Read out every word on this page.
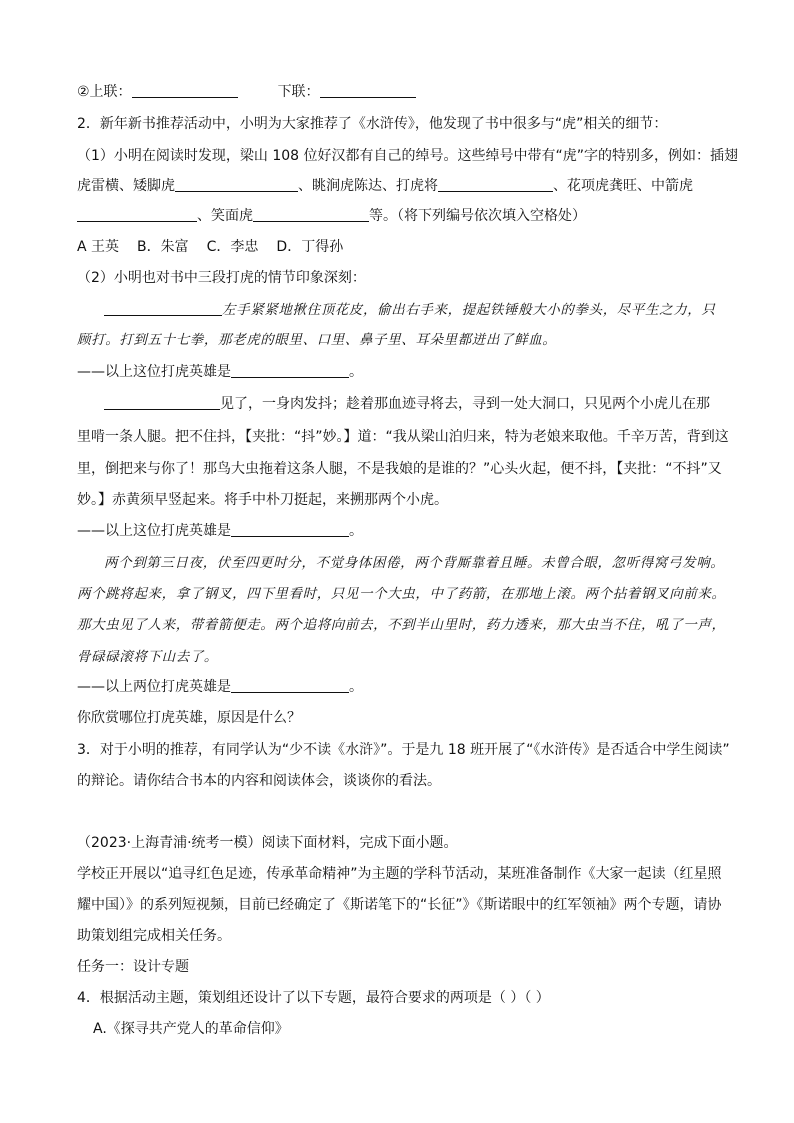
②上联：	下联：
2．新年新书推荐活动中，小明为大家推荐了《水浒传》，他发现了书中很多与“虎”相关的细节：
（1）小明在阅读时发现，梁山 108 位好汉都有自己的绰号。这些绰号中带有“虎”字的特别多，例如：插翅
虎雷横、矮脚虎	、眺涧虎陈达、打虎将	、花项虎龚旺、中箭虎
、笑面虎	等。（将下列编号依次填入空格处）
A 王英 B．朱富 C．李忠 D．丁得孙
（2）小明也对书中三段打虎的情节印象深刻：
左手紧紧地揪住顶花皮，偷出右手来，提起铁锤般大小的拳头，尽平生之力，只
顾打。打到五十七拳，那老虎的眼里、口里、鼻子里、耳朵里都迸出了鲜血。
——以上这位打虎英雄是	。
见了，一身肉发抖；趁着那血迹寻将去，寻到一处大洞口，只见两个小虎儿在那
里啃一条人腿。把不住抖，【夹批：“抖”妙。】道：“我从梁山泊归来，特为老娘来取他。千辛万苦，背到这
里，倒把来与你了！那鸟大虫拖着这条人腿，不是我娘的是谁的？”心头火起，便不抖，【夹批：“不抖”又
妙。】赤黄须早竖起来。将手中朴刀挺起，来搠那两个小虎。
——以上这位打虎英雄是	。
两个到第三日夜，伏至四更时分，不觉身体困倦，两个背厮靠着且睡。未曾合眼，忽听得窝弓发响。
两个跳将起来，拿了钢叉，四下里看时，只见一个大虫，中了药箭，在那地上滚。两个拈着钢叉向前来。
那大虫见了人来，带着箭便走。两个追将向前去，不到半山里时，药力透来，那大虫当不住，吼了一声，
骨碌碌滚将下山去了。
——以上两位打虎英雄是	。
你欣赏哪位打虎英雄，原因是什么？
3．对于小明的推荐，有同学认为“少不读《水浒》”。于是九 18 班开展了“《水浒传》是否适合中学生阅读”
的辩论。请你结合书本的内容和阅读体会，谈谈你的看法。
（2023·上海青浦·统考一模）阅读下面材料，完成下面小题。
学校正开展以“追寻红色足迹，传承革命精神”为主题的学科节活动，某班准备制作《大家一起读（红星照
耀中国）》的系列短视频，目前已经确定了《斯诺笔下的“长征”》《斯诺眼中的红军领袖》两个专题，请协
助策划组完成相关任务。
任务一：设计专题
4．根据活动主题，策划组还设计了以下专题，最符合要求的两项是（ ）（ ）
A.《探寻共产党人的革命信仰》
